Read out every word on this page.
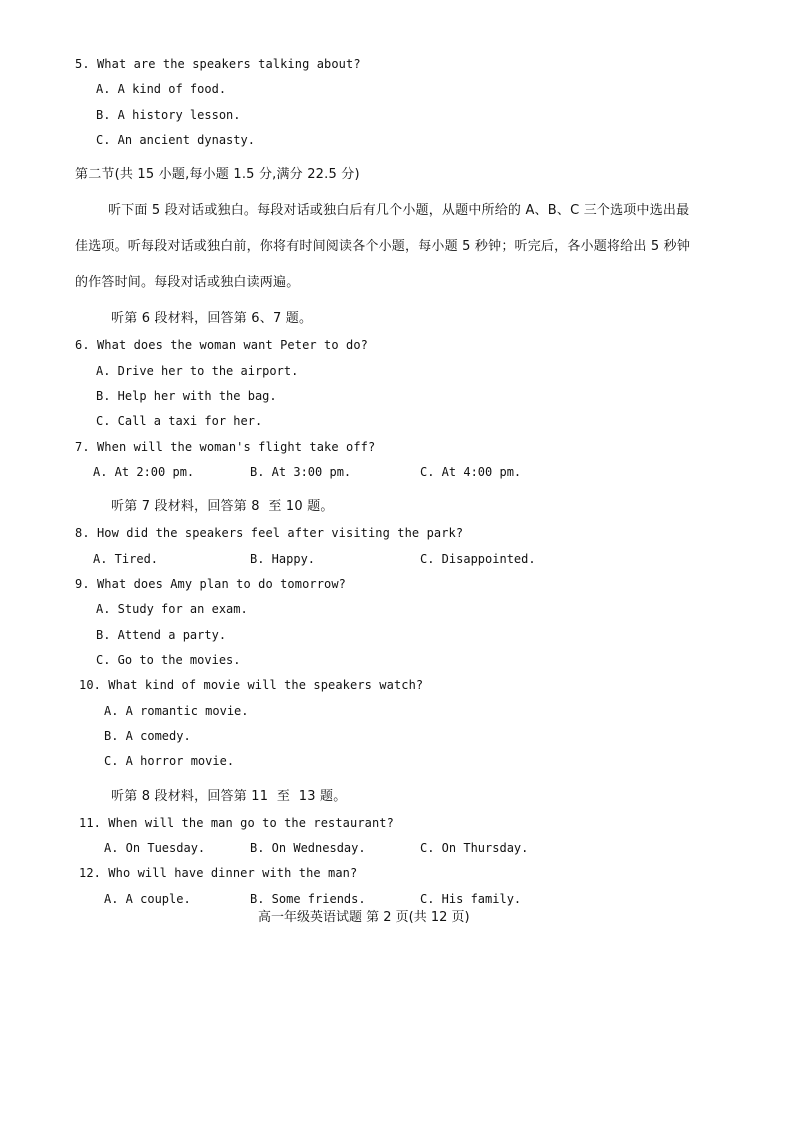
5. What are the speakers talking about?
A. A kind of food.
B. A history lesson.
C. An ancient dynasty.
第二节(共 15 小题,每小题 1.5 分,满分 22.5 分)
听下面 5 段对话或独白。每段对话或独白后有几个小题，从题中所给的 A、B、C 三个选项中选出最
佳选项。听每段对话或独白前，你将有时间阅读各个小题，每小题 5 秒钟；听完后，各小题将给出 5 秒钟
的作答时间。每段对话或独白读两遍。
听第 6 段材料，回答第 6、7 题。
6. What does the woman want Peter to do?
A. Drive her to the airport.
B. Help her with the bag.
C. Call a taxi for her.
7. When will the woman's flight take off?
A. At 2:00 pm.	B. At 3:00 pm.	C. At 4:00 pm.
听第 7 段材料，回答第 8  至 10 题。
8. How did the speakers feel after visiting the park?
A. Tired.	B. Happy.	C. Disappointed.
9. What does Amy plan to do tomorrow?
A. Study for an exam.
B. Attend a party.
C. Go to the movies.
10. What kind of movie will the speakers watch?
A. A romantic movie.
B. A comedy.
C. A horror movie.
听第 8 段材料，回答第 11  至  13 题。
11. When will the man go to the restaurant?
A. On Tuesday.	B. On Wednesday.	C. On Thursday.
12. Who will have dinner with the man?
A. A couple.	B. Some friends.	C. His family.
高一年级英语试题 第 2 页(共 12 页)
